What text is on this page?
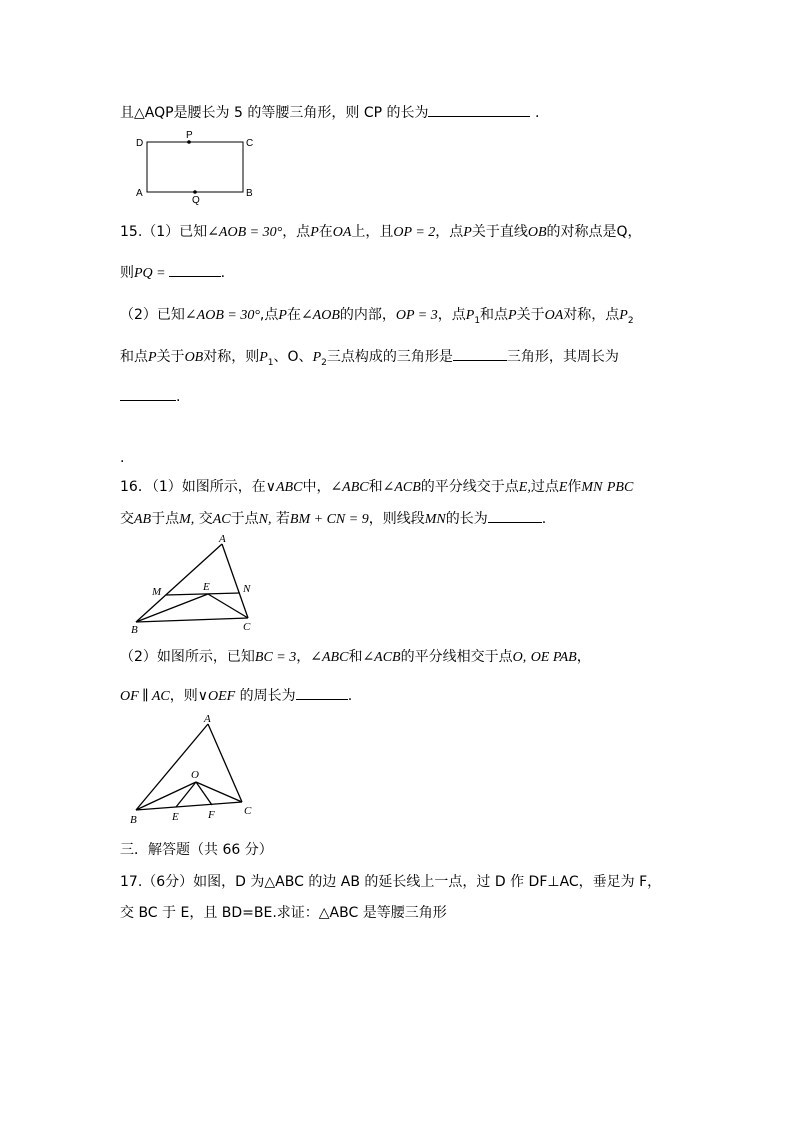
且△AQP是腰长为 5 的等腰三角形，则 CP 的长为	.
D
P
C
A
Q
B
15.（1）已知∠AOB = 30°，点P在OA上，且OP = 2，点P关于直线OB的对称点是Q，
则PQ =	.
（2）已知∠AOB = 30°,点P在∠AOB的内部，OP = 3，点$P_1$和点P关于OA对称，点$P_2$
和点P关于OB对称，则$P_1$、O、$P_2$三点构成的三角形是	三角形，其周长为
.
.
16．（1）如图所示，在∨ABC中，∠ABC和∠ACB的平分线交于点E,过点E作MN PBC
交AB于点M, 交AC于点N, 若BM + CN = 9，则线段MN的长为	.
A
M	E	N
B	C
（2）如图所示，已知BC = 3，∠ABC和∠ACB的平分线相交于点O, OE PAB，
OF ∥ AC，则∨OEF 的周长为	.
A
O
B	E	F	C
三．解答题（共 66 分）
17.（6分）如图，D 为△ABC 的边 AB 的延长线上一点，过 D 作 DF⊥AC，垂足为 F，
交 BC 于 E，且 BD=BE.求证：△ABC 是等腰三角形
